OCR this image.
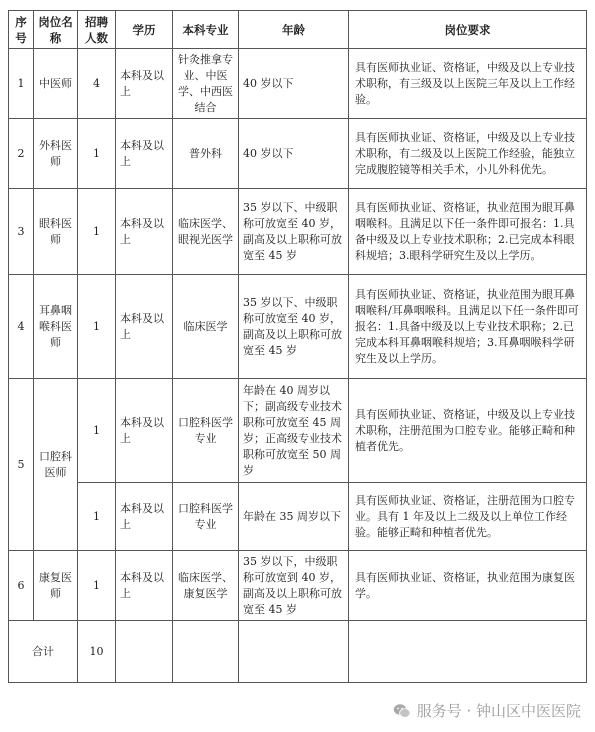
序号	岗位名称	招聘人数	学历	本科专业	年龄	岗位要求
1	中医师	4	本科及以上	针灸推拿专业、中医学、中西医结合	40 岁以下	具有医师执业证、资格证，中级及以上专业技术职称，有三级及以上医院三年及以上工作经验。
2	外科医师	1	本科及以上	普外科	40 岁以下	具有医师执业证、资格证，中级及以上专业技术职称，有二级及以上医院工作经验，能独立完成腹腔镜等相关手术，小儿外科优先。
3	眼科医师	1	本科及以上	临床医学、眼视光医学	35 岁以下、中级职称可放宽至 40 岁，副高及以上职称可放宽至 45 岁	具有医师执业证、资格证，执业范围为眼耳鼻咽喉科。且满足以下任一条件即可报名：1.具备中级及以上专业技术职称；2.已完成本科眼科规培；3.眼科学研究生及以上学历。
4	耳鼻咽喉科医师	1	本科及以上	临床医学	35 岁以下、中级职称可放宽至 40 岁，副高及以上职称可放宽至 45 岁	具有医师执业证、资格证，执业范围为眼耳鼻咽喉科/耳鼻咽喉科。且满足以下任一条件即可报名：1.具备中级及以上专业技术职称；2.已完成本科耳鼻咽喉科规培；3.耳鼻咽喉科学研究生及以上学历。
5	口腔科医师	1	本科及以上	口腔科医学专业	年龄在 40 周岁以下；副高级专业技术职称可放宽至 45 周岁；正高级专业技术职称可放宽至 50 周岁	具有医师执业证、资格证，中级及以上专业技术职称，注册范围为口腔专业。能够正畸和种植者优先。
		1	本科及以上	口腔科医学专业	年龄在 35 周岁以下	具有医师执业证、资格证，注册范围为口腔专业。具有 1 年及以上二级及以上单位工作经验。能够正畸和种植者优先。
6	康复医师	1	本科及以上	临床医学、康复医学	35 岁以下，中级职称可放宽到 40 岁，副高及以上职称可放宽至 45 岁	具有医师执业证、资格证，执业范围为康复医学。
合计		10				
服务号 · 钟山区中医医院
